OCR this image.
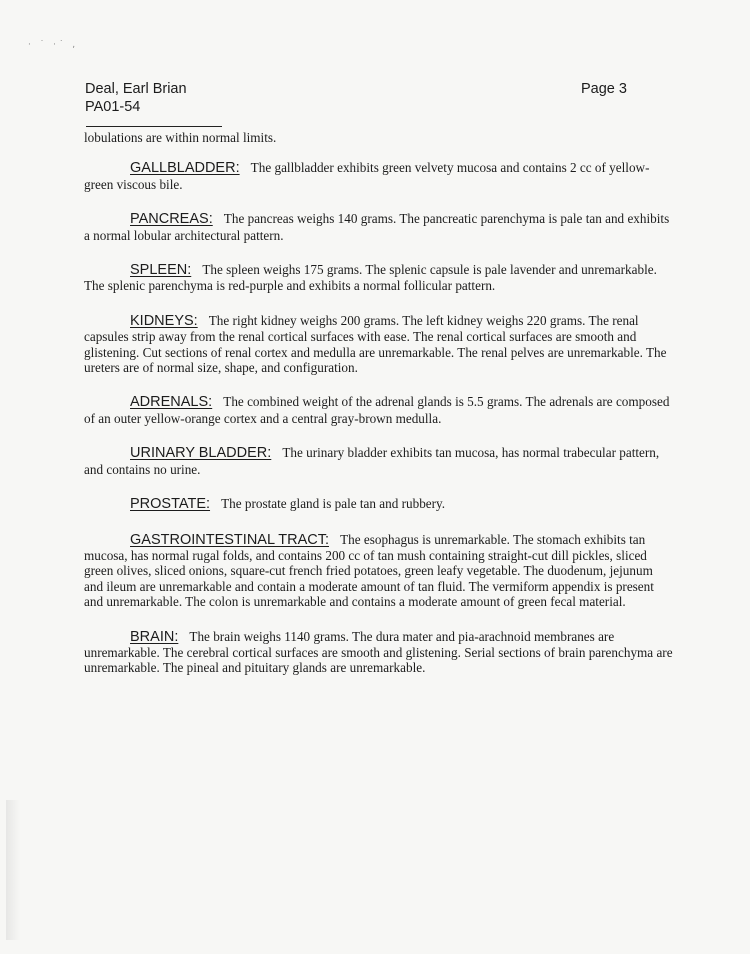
· ˙ ·˙ ,
Deal, Earl Brian
PA01-54
Page 3

lobulations are within normal limits.

GALLBLADDER: The gallbladder exhibits green velvety mucosa and contains 2 cc of yellow-green viscous bile.

PANCREAS: The pancreas weighs 140 grams. The pancreatic parenchyma is pale tan and exhibits a normal lobular architectural pattern.

SPLEEN: The spleen weighs 175 grams. The splenic capsule is pale lavender and unremarkable. The splenic parenchyma is red-purple and exhibits a normal follicular pattern.

KIDNEYS: The right kidney weighs 200 grams. The left kidney weighs 220 grams. The renal capsules strip away from the renal cortical surfaces with ease. The renal cortical surfaces are smooth and glistening. Cut sections of renal cortex and medulla are unremarkable. The renal pelves are unremarkable. The ureters are of normal size, shape, and configuration.

ADRENALS: The combined weight of the adrenal glands is 5.5 grams. The adrenals are composed of an outer yellow-orange cortex and a central gray-brown medulla.

URINARY BLADDER: The urinary bladder exhibits tan mucosa, has normal trabecular pattern, and contains no urine.

PROSTATE: The prostate gland is pale tan and rubbery.

GASTROINTESTINAL TRACT: The esophagus is unremarkable. The stomach exhibits tan mucosa, has normal rugal folds, and contains 200 cc of tan mush containing straight-cut dill pickles, sliced green olives, sliced onions, square-cut french fried potatoes, green leafy vegetable. The duodenum, jejunum and ileum are unremarkable and contain a moderate amount of tan fluid. The vermiform appendix is present and unremarkable. The colon is unremarkable and contains a moderate amount of green fecal material.

BRAIN: The brain weighs 1140 grams. The dura mater and pia-arachnoid membranes are unremarkable. The cerebral cortical surfaces are smooth and glistening. Serial sections of brain parenchyma are unremarkable. The pineal and pituitary glands are unremarkable.
